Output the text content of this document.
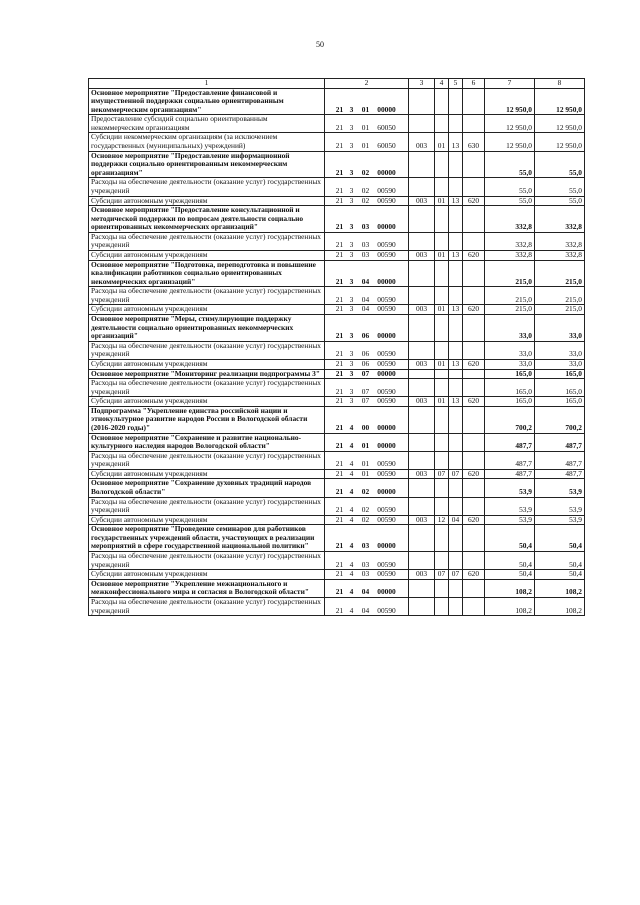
50
1	2	3	4	5	6	7	8
Основное мероприятие "Предоставление финансовой и имущественной поддержки социально ориентированным некоммерческим организациям"	21 3 01 00000					12 950,0	12 950,0
Предоставление субсидий социально ориентированным некоммерческим организациям	21 3 01 60050					12 950,0	12 950,0
Субсидии некоммерческим организациям (за исключением государственных (муниципальных) учреждений)	21 3 01 60050	003	01	13	630	12 950,0	12 950,0
Основное мероприятие "Предоставление информационной поддержки социально ориентированным некоммерческим организациям"	21 3 02 00000					55,0	55,0
Расходы на обеспечение деятельности (оказание услуг) государственных учреждений	21 3 02 00590					55,0	55,0
Субсидии автономным учреждениям	21 3 02 00590	003	01	13	620	55,0	55,0
Основное мероприятие "Предоставление консультационной и методической поддержки по вопросам деятельности социально ориентированных некоммерческих организаций"	21 3 03 00000					332,8	332,8
Расходы на обеспечение деятельности (оказание услуг) государственных учреждений	21 3 03 00590					332,8	332,8
Субсидии автономным учреждениям	21 3 03 00590	003	01	13	620	332,8	332,8
Основное мероприятие "Подготовка, переподготовка и повышение квалификации работников социально ориентированных некоммерческих организаций"	21 3 04 00000					215,0	215,0
Расходы на обеспечение деятельности (оказание услуг) государственных учреждений	21 3 04 00590					215,0	215,0
Субсидии автономным учреждениям	21 3 04 00590	003	01	13	620	215,0	215,0
Основное мероприятие "Меры, стимулирующие поддержку деятельности социально ориентированных некоммерческих организаций"	21 3 06 00000					33,0	33,0
Расходы на обеспечение деятельности (оказание услуг) государственных учреждений	21 3 06 00590					33,0	33,0
Субсидии автономным учреждениям	21 3 06 00590	003	01	13	620	33,0	33,0
Основное мероприятие "Мониторинг реализации подпрограммы 3"	21 3 07 00000					165,0	165,0
Расходы на обеспечение деятельности (оказание услуг) государственных учреждений	21 3 07 00590					165,0	165,0
Субсидии автономным учреждениям	21 3 07 00590	003	01	13	620	165,0	165,0
Подпрограмма "Укрепление единства российской нации и этнокультурное развитие народов России в Вологодской области (2016-2020 годы)"	21 4 00 00000					700,2	700,2
Основное мероприятие "Сохранение и развитие национально-культурного наследия народов Вологодской области"	21 4 01 00000					487,7	487,7
Расходы на обеспечение деятельности (оказание услуг) государственных учреждений	21 4 01 00590					487,7	487,7
Субсидии автономным учреждениям	21 4 01 00590	003	07	07	620	487,7	487,7
Основное мероприятие "Сохранение духовных традиций народов Вологодской области"	21 4 02 00000					53,9	53,9
Расходы на обеспечение деятельности (оказание услуг) государственных учреждений	21 4 02 00590					53,9	53,9
Субсидии автономным учреждениям	21 4 02 00590	003	12	04	620	53,9	53,9
Основное мероприятие "Проведение семинаров для работников государственных учреждений области, участвующих в реализации мероприятий в сфере государственной национальной политики"	21 4 03 00000					50,4	50,4
Расходы на обеспечение деятельности (оказание услуг) государственных учреждений	21 4 03 00590					50,4	50,4
Субсидии автономным учреждениям	21 4 03 00590	003	07	07	620	50,4	50,4
Основное мероприятие "Укрепление межнационального и межконфессионального мира и согласия в Вологодской области"	21 4 04 00000					108,2	108,2
Расходы на обеспечение деятельности (оказание услуг) государственных учреждений	21 4 04 00590					108,2	108,2
